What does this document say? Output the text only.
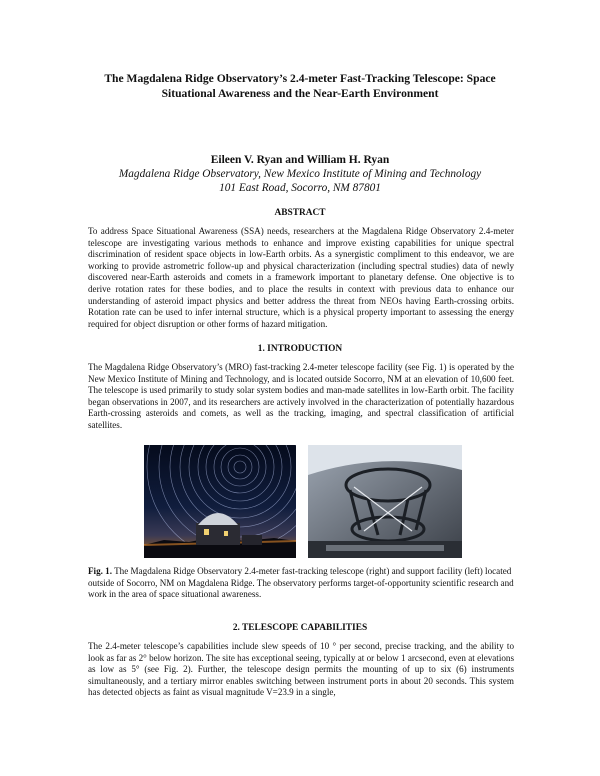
The Magdalena Ridge Observatory’s 2.4-meter Fast-Tracking Telescope: Space
Situational Awareness and the Near-Earth Environment
Eileen V. Ryan and William H. Ryan
Magdalena Ridge Observatory, New Mexico Institute of Mining and Technology
101 East Road, Socorro, NM 87801
ABSTRACT

To address Space Situational Awareness (SSA) needs, researchers at the Magdalena Ridge Observatory 2.4-meter telescope are investigating various methods to enhance and improve existing capabilities for unique spectral discrimination of resident space objects in low-Earth orbits. As a synergistic compliment to this endeavor, we are working to provide astrometric follow-up and physical characterization (including spectral studies) data of newly discovered near-Earth asteroids and comets in a framework important to planetary defense. One objective is to derive rotation rates for these bodies, and to place the results in context with previous data to enhance our understanding of asteroid impact physics and better address the threat from NEOs having Earth-crossing orbits. Rotation rate can be used to infer internal structure, which is a physical property important to assessing the energy required for object disruption or other forms of hazard mitigation.

1. INTRODUCTION

The Magdalena Ridge Observatory’s (MRO) fast-tracking 2.4-meter telescope facility (see Fig. 1) is operated by the New Mexico Institute of Mining and Technology, and is located outside Socorro, NM at an elevation of 10,600 feet. The telescope is used primarily to study solar system bodies and man-made satellites in low-Earth orbit. The facility began observations in 2007, and its researchers are actively involved in the characterization of potentially hazardous Earth-crossing asteroids and comets, as well as the tracking, imaging, and spectral classification of artificial satellites.

Fig. 1. The Magdalena Ridge Observatory 2.4-meter fast-tracking telescope (right) and support facility (left) located outside of Socorro, NM on Magdalena Ridge. The observatory performs target-of-opportunity scientific research and work in the area of space situational awareness.

2. TELESCOPE CAPABILITIES

The 2.4-meter telescope’s capabilities include slew speeds of 10 ° per second, precise tracking, and the ability to look as far as 2° below horizon. The site has exceptional seeing, typically at or below 1 arcsecond, even at elevations as low as 5° (see Fig. 2). Further, the telescope design permits the mounting of up to six (6) instruments simultaneously, and a tertiary mirror enables switching between instrument ports in about 20 seconds. This system has detected objects as faint as visual magnitude V=23.9 in a single,
